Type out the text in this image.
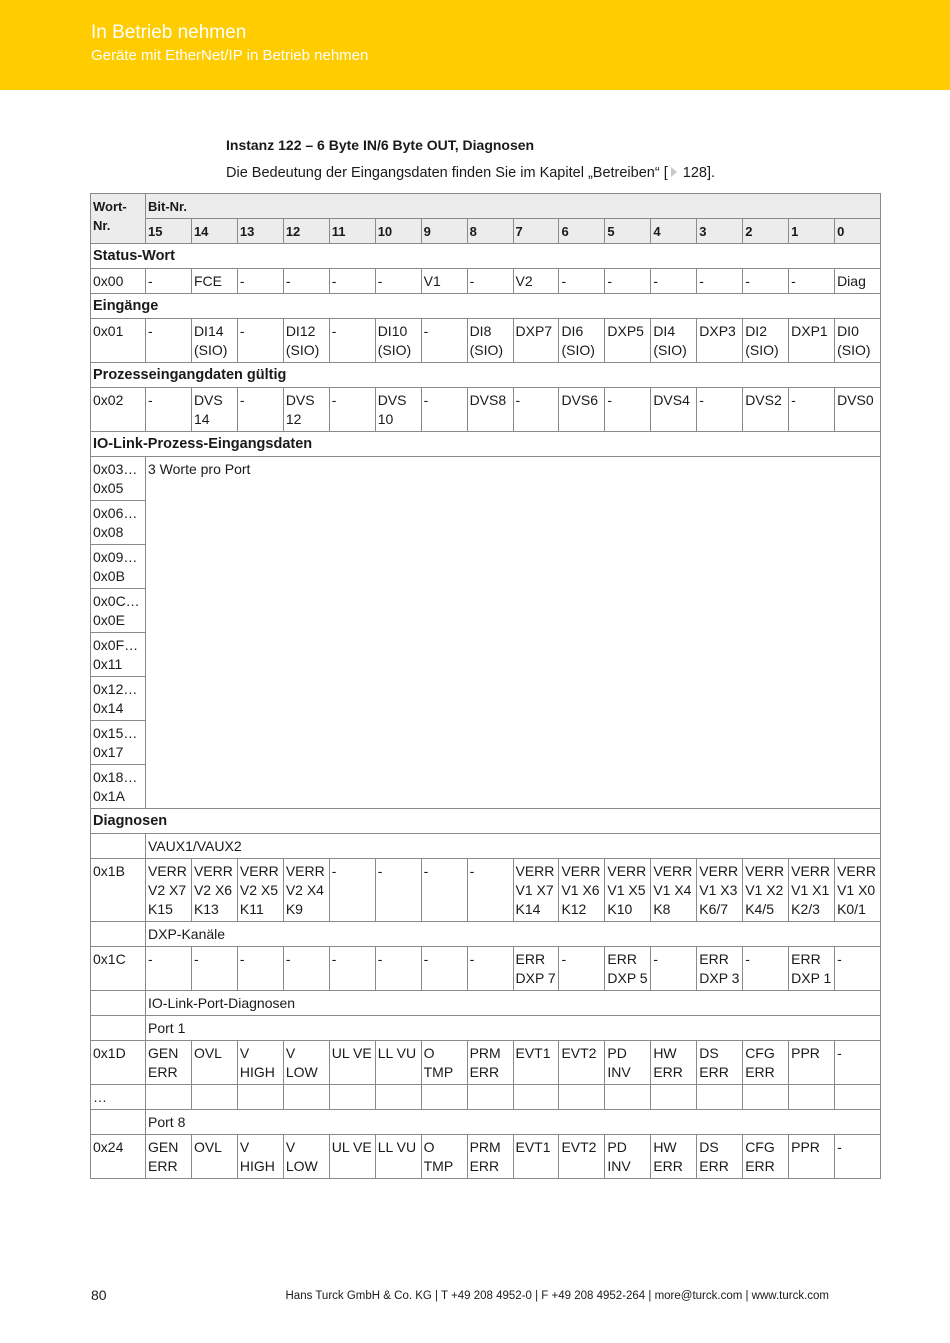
In Betrieb nehmen
Geräte mit EtherNet/IP in Betrieb nehmen
Instanz 122 – 6 Byte IN/6 Byte OUT, Diagnosen
Die Bedeutung der Eingangsdaten finden Sie im Kapitel „Betreiben“ [ 128].
Wort-Nr.	Bit-Nr.															
	15	14	13	12	11	10	9	8	7	6	5	4	3	2	1	0
Status-Wort																
0x00	-	FCE	-	-	-	-	V1	-	V2	-	-	-	-	-	-	Diag
Eingänge																
0x01	-	DI14 (SIO)	-	DI12 (SIO)	-	DI10 (SIO)	-	DI8 (SIO)	DXP7	DI6 (SIO)	DXP5	DI4 (SIO)	DXP3	DI2 (SIO)	DXP1	DI0 (SIO)
Prozesseingangdaten gültig																
0x02	-	DVS 14	-	DVS 12	-	DVS 10	-	DVS8	-	DVS6	-	DVS4	-	DVS2	-	DVS0
IO-Link-Prozess-Eingangsdaten																
0x03… 0x05	3 Worte pro Port															
0x06… 0x08																
0x09… 0x0B																
0x0C… 0x0E																
0x0F… 0x11																
0x12… 0x14																
0x15… 0x17																
0x18… 0x1A																
Diagnosen																
	VAUX1/VAUX2															
0x1B	VERR V2 X7 K15	VERR V2 X6 K13	VERR V2 X5 K11	VERR V2 X4 K9	-	-	-	-	VERR V1 X7 K14	VERR V1 X6 K12	VERR V1 X5 K10	VERR V1 X4 K8	VERR V1 X3 K6/7	VERR V1 X2 K4/5	VERR V1 X1 K2/3	VERR V1 X0 K0/1
	DXP-Kanäle															
0x1C	-	-	-	-	-	-	-	-	ERR DXP 7	-	ERR DXP 5	-	ERR DXP 3	-	ERR DXP 1	-
	IO-Link-Port-Diagnosen															
	Port 1															
0x1D	GEN ERR	OVL	V HIGH	V LOW	UL VE	LL VU	O TMP	PRM ERR	EVT1	EVT2	PD INV	HW ERR	DS ERR	CFG ERR	PPR	-
…																
	Port 8															
0x24	GEN ERR	OVL	V HIGH	V LOW	UL VE	LL VU	O TMP	PRM ERR	EVT1	EVT2	PD INV	HW ERR	DS ERR	CFG ERR	PPR	-
80	Hans Turck GmbH & Co. KG | T +49 208 4952-0 | F +49 208 4952-264 | more@turck.com | www.turck.com
